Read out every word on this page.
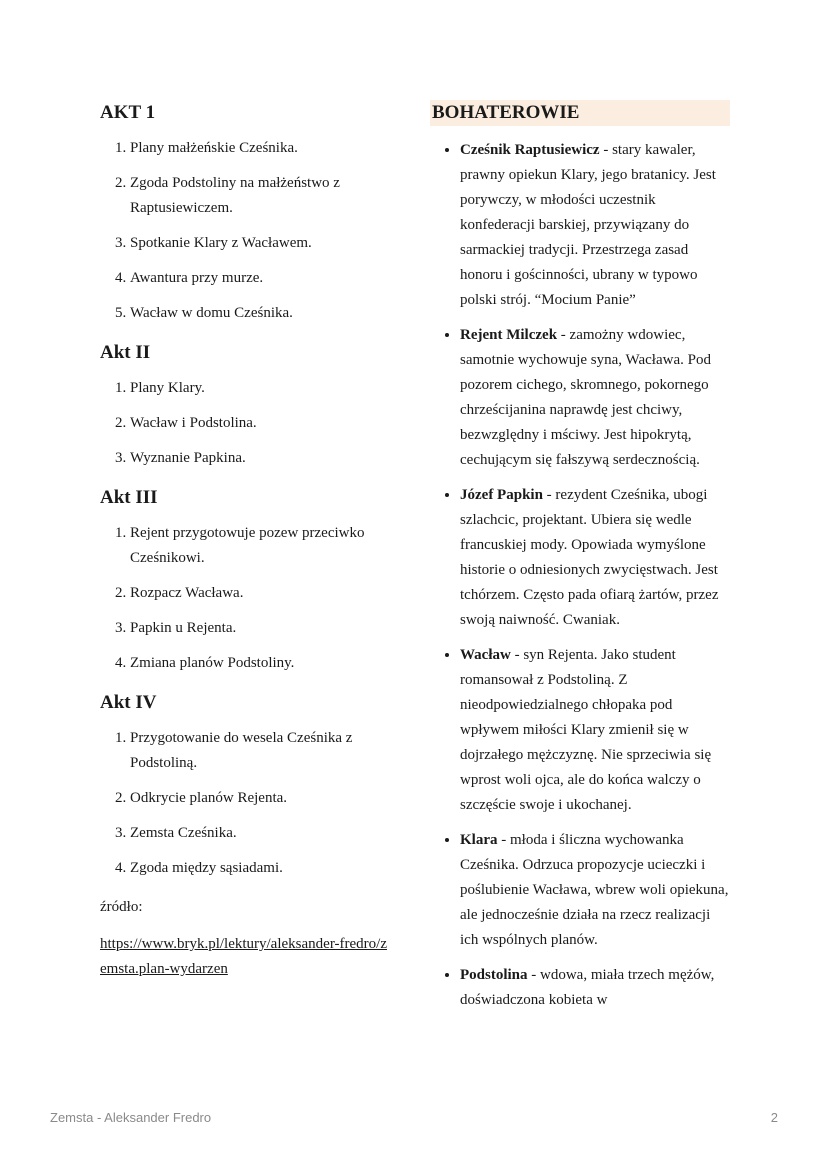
AKT 1
1. Plany małżeńskie Cześnika.
2. Zgoda Podstoliny na małżeństwo z Raptusiewiczem.
3. Spotkanie Klary z Wacławem.
4. Awantura przy murze.
5. Wacław w domu Cześnika.
Akt II
1. Plany Klary.
2. Wacław i Podstolina.
3. Wyznanie Papkina.
Akt III
1. Rejent przygotowuje pozew przeciwko Cześnikowi.
2. Rozpacz Wacława.
3. Papkin u Rejenta.
4. Zmiana planów Podstoliny.
Akt IV
1. Przygotowanie do wesela Cześnika z Podstoliną.
2. Odkrycie planów Rejenta.
3. Zemsta Cześnika.
4. Zgoda między sąsiadami.

źródło:

https://www.bryk.pl/lektury/aleksander-fredro/zemsta.plan-wydarzen
BOHATEROWIE
• Cześnik Raptusiewicz - stary kawaler, prawny opiekun Klary, jego bratanicy. Jest porywczy, w młodości uczestnik konfederacji barskiej, przywiązany do sarmackiej tradycji. Przestrzega zasad honoru i gościnności, ubrany w typowo polski strój. “Mocium Panie”
• Rejent Milczek - zamożny wdowiec, samotnie wychowuje syna, Wacława. Pod pozorem cichego, skromnego, pokornego chrześcijanina naprawdę jest chciwy, bezwzględny i mściwy. Jest hipokrytą, cechującym się fałszywą serdecznością.
• Józef Papkin - rezydent Cześnika, ubogi szlachcic, projektant. Ubiera się wedle francuskiej mody. Opowiada wymyślone historie o odniesionych zwycięstwach. Jest tchórzem. Często pada ofiarą żartów, przez swoją naiwność. Cwaniak.
• Wacław - syn Rejenta. Jako student romansował z Podstoliną. Z nieodpowiedzialnego chłopaka pod wpływem miłości Klary zmienił się w dojrzałego mężczyznę. Nie sprzeciwia się wprost woli ojca, ale do końca walczy o szczęście swoje i ukochanej.
• Klara - młoda i śliczna wychowanka Cześnika. Odrzuca propozycje ucieczki i poślubienie Wacława, wbrew woli opiekuna, ale jednocześnie działa na rzecz realizacji ich wspólnych planów.
• Podstolina - wdowa, miała trzech mężów, doświadczona kobieta w
Zemsta - Aleksander Fredro	2
